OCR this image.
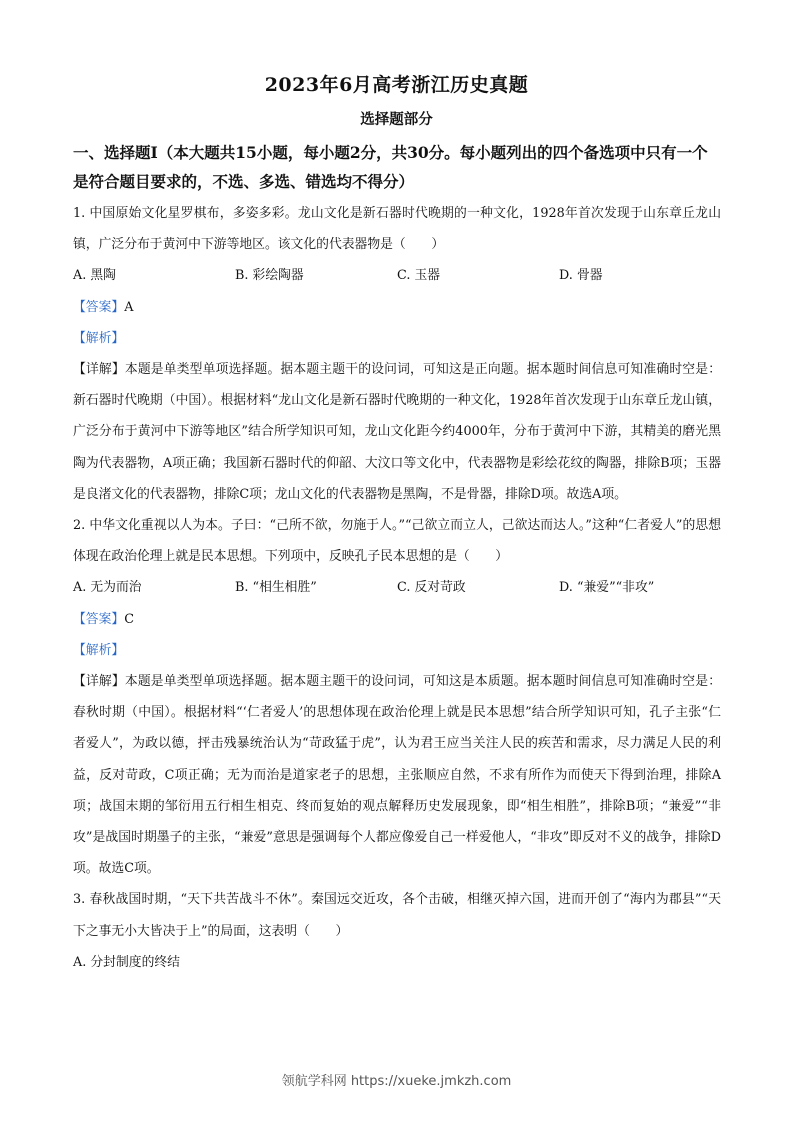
2023年6月高考浙江历史真题
选择题部分
一、选择题Ⅰ（本大题共15小题，每小题2分，共30分。每小题列出的四个备选项中只有一个是符合题目要求的，不选、多选、错选均不得分）
1. 中国原始文化星罗棋布，多姿多彩。龙山文化是新石器时代晚期的一种文化，1928年首次发现于山东章丘龙山镇，广泛分布于黄河中下游等地区。该文化的代表器物是（　　）
A. 黑陶	B. 彩绘陶器	C. 玉器	D. 骨器
【答案】A
【解析】
【详解】本题是单类型单项选择题。据本题主题干的设问词，可知这是正向题。据本题时间信息可知准确时空是：新石器时代晚期（中国）。根据材料“龙山文化是新石器时代晚期的一种文化，1928年首次发现于山东章丘龙山镇，广泛分布于黄河中下游等地区”结合所学知识可知，龙山文化距今约4000年，分布于黄河中下游，其精美的磨光黑陶为代表器物，A项正确；我国新石器时代的仰韶、大汶口等文化中，代表器物是彩绘花纹的陶器，排除B项；玉器是良渚文化的代表器物，排除C项；龙山文化的代表器物是黑陶，不是骨器，排除D项。故选A项。
2. 中华文化重视以人为本。子曰：“己所不欲，勿施于人。”“己欲立而立人，己欲达而达人。”这种“仁者爱人”的思想体现在政治伦理上就是民本思想。下列项中，反映孔子民本思想的是（　　）
A. 无为而治	B. “相生相胜”	C. 反对苛政	D. “兼爱”“非攻”
【答案】C
【解析】
【详解】本题是单类型单项选择题。据本题主题干的设问词，可知这是本质题。据本题时间信息可知准确时空是：春秋时期（中国）。根据材料“‘仁者爱人’的思想体现在政治伦理上就是民本思想”结合所学知识可知，孔子主张“仁者爱人”，为政以德，抨击残暴统治认为“苛政猛于虎”，认为君王应当关注人民的疾苦和需求，尽力满足人民的利益，反对苛政，C项正确；无为而治是道家老子的思想，主张顺应自然，不求有所作为而使天下得到治理，排除A项；战国末期的邹衍用五行相生相克、终而复始的观点解释历史发展现象，即“相生相胜”，排除B项；“兼爱”“非攻”是战国时期墨子的主张，“兼爱”意思是强调每个人都应像爱自己一样爱他人，“非攻”即反对不义的战争，排除D项。故选C项。
3. 春秋战国时期，“天下共苦战斗不休”。秦国远交近攻，各个击破，相继灭掉六国，进而开创了“海内为郡县”“天下之事无小大皆决于上”的局面，这表明（　　）
A. 分封制度的终结
领航学科网 https://xueke.jmkzh.com
